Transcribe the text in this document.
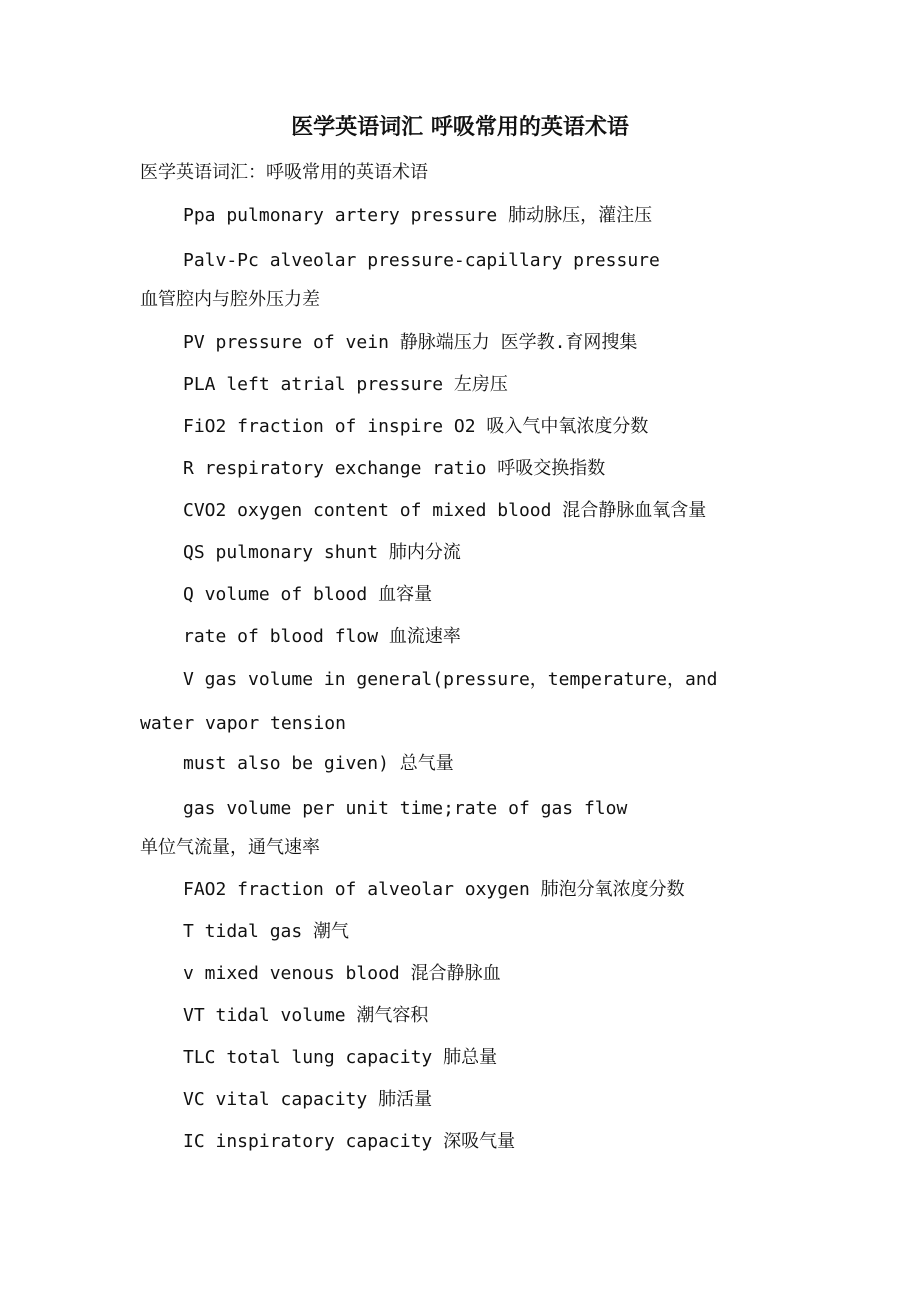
医学英语词汇 呼吸常用的英语术语
医学英语词汇：呼吸常用的英语术语
Ppa pulmonary artery pressure 肺动脉压，灌注压
Palv-Pc alveolar pressure-capillary pressure
血管腔内与腔外压力差
PV pressure of vein 静脉端压力 医学教.育网搜集
PLA left atrial pressure 左房压
FiO2 fraction of inspire O2 吸入气中氧浓度分数
R respiratory exchange ratio 呼吸交换指数
CVO2 oxygen content of mixed blood 混合静脉血氧含量
QS pulmonary shunt 肺内分流
Q volume of blood 血容量
rate of blood flow 血流速率
V gas volume in general(pressure，temperature，and
water vapor tension
must also be given) 总气量
gas volume per unit time;rate of gas flow
单位气流量，通气速率
FAO2 fraction of alveolar oxygen 肺泡分氧浓度分数
T tidal gas 潮气
v mixed venous blood 混合静脉血
VT tidal volume 潮气容积
TLC total lung capacity 肺总量
VC vital capacity 肺活量
IC inspiratory capacity 深吸气量
